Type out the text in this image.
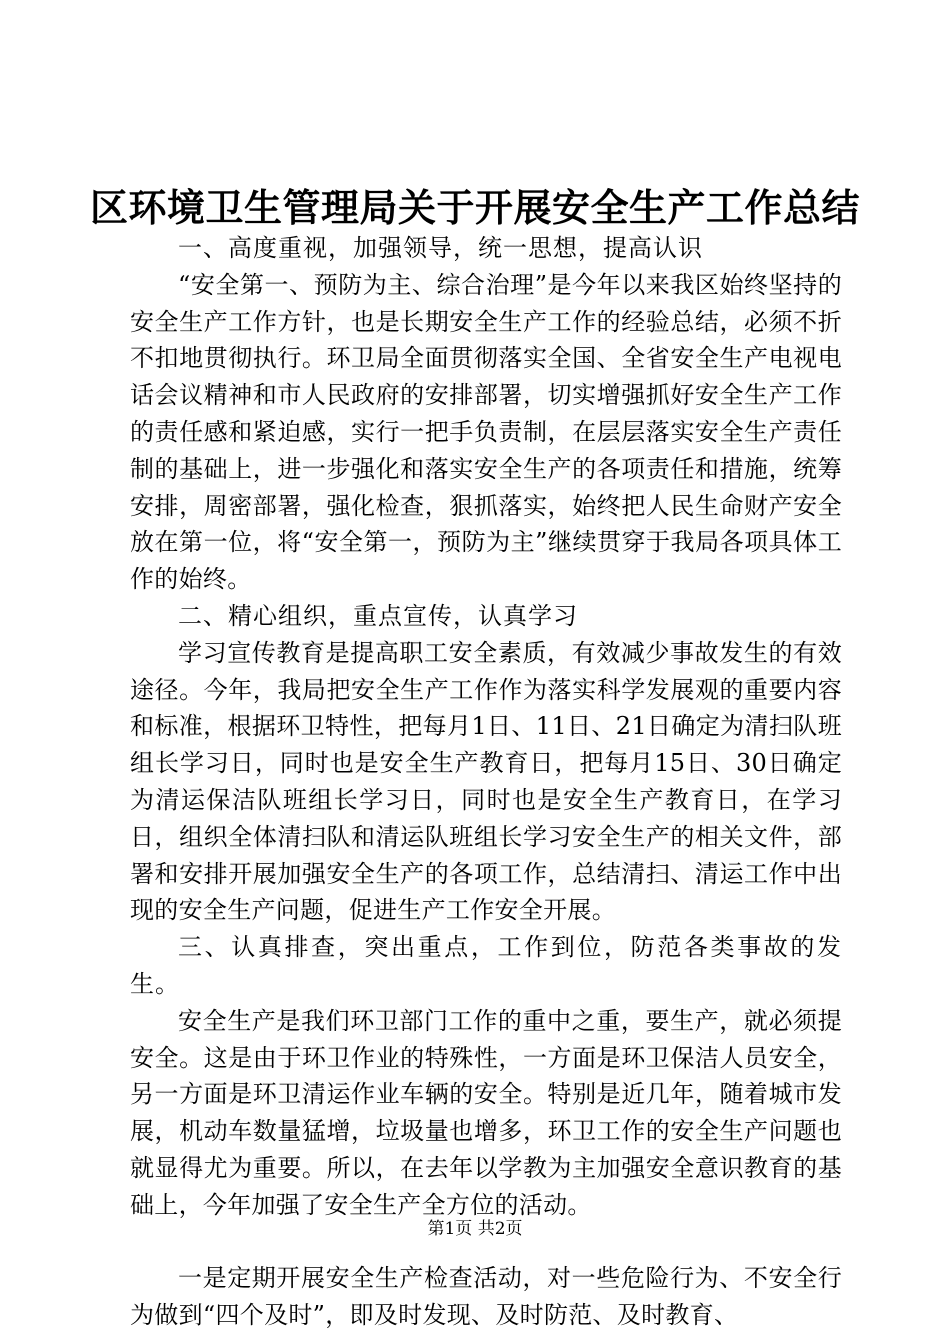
区环境卫生管理局关于开展安全生产工作总结

一、高度重视，加强领导，统一思想，提高认识

“安全第一、预防为主、综合治理”是今年以来我区始终坚持的安全生产工作方针，也是长期安全生产工作的经验总结，必须不折不扣地贯彻执行。环卫局全面贯彻落实全国、全省安全生产电视电话会议精神和市人民政府的安排部署，切实增强抓好安全生产工作的责任感和紧迫感，实行一把手负责制，在层层落实安全生产责任制的基础上，进一步强化和落实安全生产的各项责任和措施，统筹安排，周密部署，强化检查，狠抓落实，始终把人民生命财产安全放在第一位，将“安全第一，预防为主”继续贯穿于我局各项具体工作的始终。

二、精心组织，重点宣传，认真学习

学习宣传教育是提高职工安全素质，有效减少事故发生的有效途径。今年，我局把安全生产工作作为落实科学发展观的重要内容和标准，根据环卫特性，把每月1日、11日、21日确定为清扫队班组长学习日，同时也是安全生产教育日，把每月15日、30日确定为清运保洁队班组长学习日，同时也是安全生产教育日，在学习日，组织全体清扫队和清运队班组长学习安全生产的相关文件，部署和安排开展加强安全生产的各项工作，总结清扫、清运工作中出现的安全生产问题，促进生产工作安全开展。

三、认真排查，突出重点，工作到位，防范各类事故的发生。

安全生产是我们环卫部门工作的重中之重，要生产，就必须提安全。这是由于环卫作业的特殊性，一方面是环卫保洁人员安全，另一方面是环卫清运作业车辆的安全。特别是近几年，随着城市发展，机动车数量猛增，垃圾量也增多，环卫工作的安全生产问题也就显得尤为重要。所以，在去年以学教为主加强安全意识教育的基础上，今年加强了安全生产全方位的活动。

一是定期开展安全生产检查活动，对一些危险行为、不安全行为做到“四个及时”，即及时发现、及时防范、及时教育、

第1页 共2页
